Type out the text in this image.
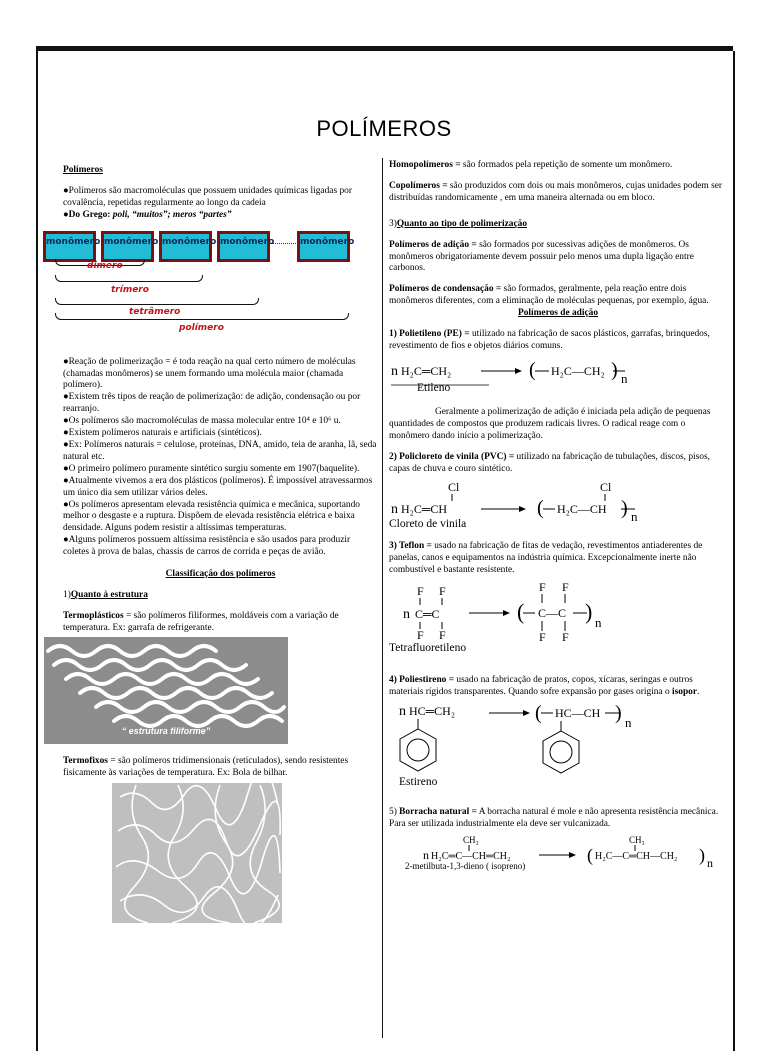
POLÍMEROS

Polímeros

●Polímeros são macromoléculas que possuem unidades químicas ligadas por covalência, repetidas regularmente ao longo da cadeia

●Do Grego: poli, “muitos”; meros “partes”

monômero monômero monômero monômero	monômero
dímero
trímero
tetrâmero
polímero
●Reação de polimerização = é toda reação na qual certo número de moléculas (chamadas monômeros) se unem formando uma molécula maior (chamada polímero).
●Existem três tipos de reação de polimerização: de adição, condensação ou por rearranjo.
●Os polímeros são macromoléculas de massa molecular entre 10⁴ e 10⁶ u.
●Existem polímeros naturais e artificiais (sintéticos).
●Ex: Polímeros naturais = celulose, proteínas, DNA, amido, teia de aranha, lã, seda natural etc.
●O primeiro polímero puramente sintético surgiu somente em 1907(baquelite).
●Atualmente vivemos a era dos plásticos (polímeros). É impossível atravessarmos um único dia sem utilizar vários deles.
●Os polímeros apresentam elevada resistência química e mecânica, suportando melhor o desgaste e a ruptura. Dispõem de elevada resistência elétrica e baixa densidade. Alguns podem resistir a altíssimas temperaturas.

●Alguns polímeros possuem altíssima resistência e são usados para produzir coletes à prova de balas, chassis de carros de corrida e peças de avião.

Classificação dos polímeros

1)Quanto à estrutura

Termoplásticos = são polímeros filiformes, moldáveis com a variação de temperatura. Ex: garrafa de refrigerante.
“ estrutura filiforme”
Termofixos = são polímeros tridimensionais (reticulados), sendo resistentes fisicamente às variações de temperatura. Ex: Bola de bilhar.

Homopolímeros = são formados pela repetição de somente um monômero.

Copolímeros = são produzidos com dois ou mais monômeros, cujas unidades podem ser distribuídas randomicamente , em uma maneira alternada ou em bloco.

3)Quanto ao tipo de polimerização

Polímeros de adição = são formados por sucessivas adições de monômeros. Os monômeros obrigatoriamente devem possuir pelo menos uma dupla ligação entre carbonos.

Polímeros de condensação = são formados, geralmente, pela reação entre dois monômeros diferentes, com a eliminação de moléculas pequenas, por exemplo, água.

Polímeros de adição

1) Polietileno (PE) = utilizado na fabricação de sacos plásticos, garrafas, brinquedos, revestimento de fios e objetos diários comuns.
n H₂C═CH₂	( H₂C—CH₂ ) n
Etileno

Geralmente a polimerização de adição é iniciada pela adição de pequenas quantidades de compostos que produzem radicais livres. O radical reage com o monômero dando início a polimerização.

2) Policloreto de vinila (PVC) = utilizado na fabricação de tubulações, discos, pisos, capas de chuva e couro sintético.
Cl
n H₂C═CH	( H₂C—CH
Cl
) n
Cloreto de vinila
3) Teflon = usado na fabricação de fitas de vedação, revestimentos antiaderentes de panelas, canos e equipamentos na indústria química. Excepcionalmente inerte não combustível e bastante resistente.
F F
n C═C
F F
(
F F
C—C
F F
) n
Tetrafluoretileno
4) Poliestireno = usado na fabricação de pratos, copos, xícaras, seringas e outros materiais rígidos transparentes. Quando sofre expansão por gases origina o isopor.
n HC═CH₂	( HC—CH ) n
Estireno
5) Borracha natural = A borracha natural é mole e não apresenta resistência mecânica. Para ser utilizada industrialmente ela deve ser vulcanizada.
CH₃
n H₂C═C—CH═CH₂	(
CH₃
H₂C—C═CH—CH₂ ) n
2-metilbuta-1,3-dieno ( isopreno)
